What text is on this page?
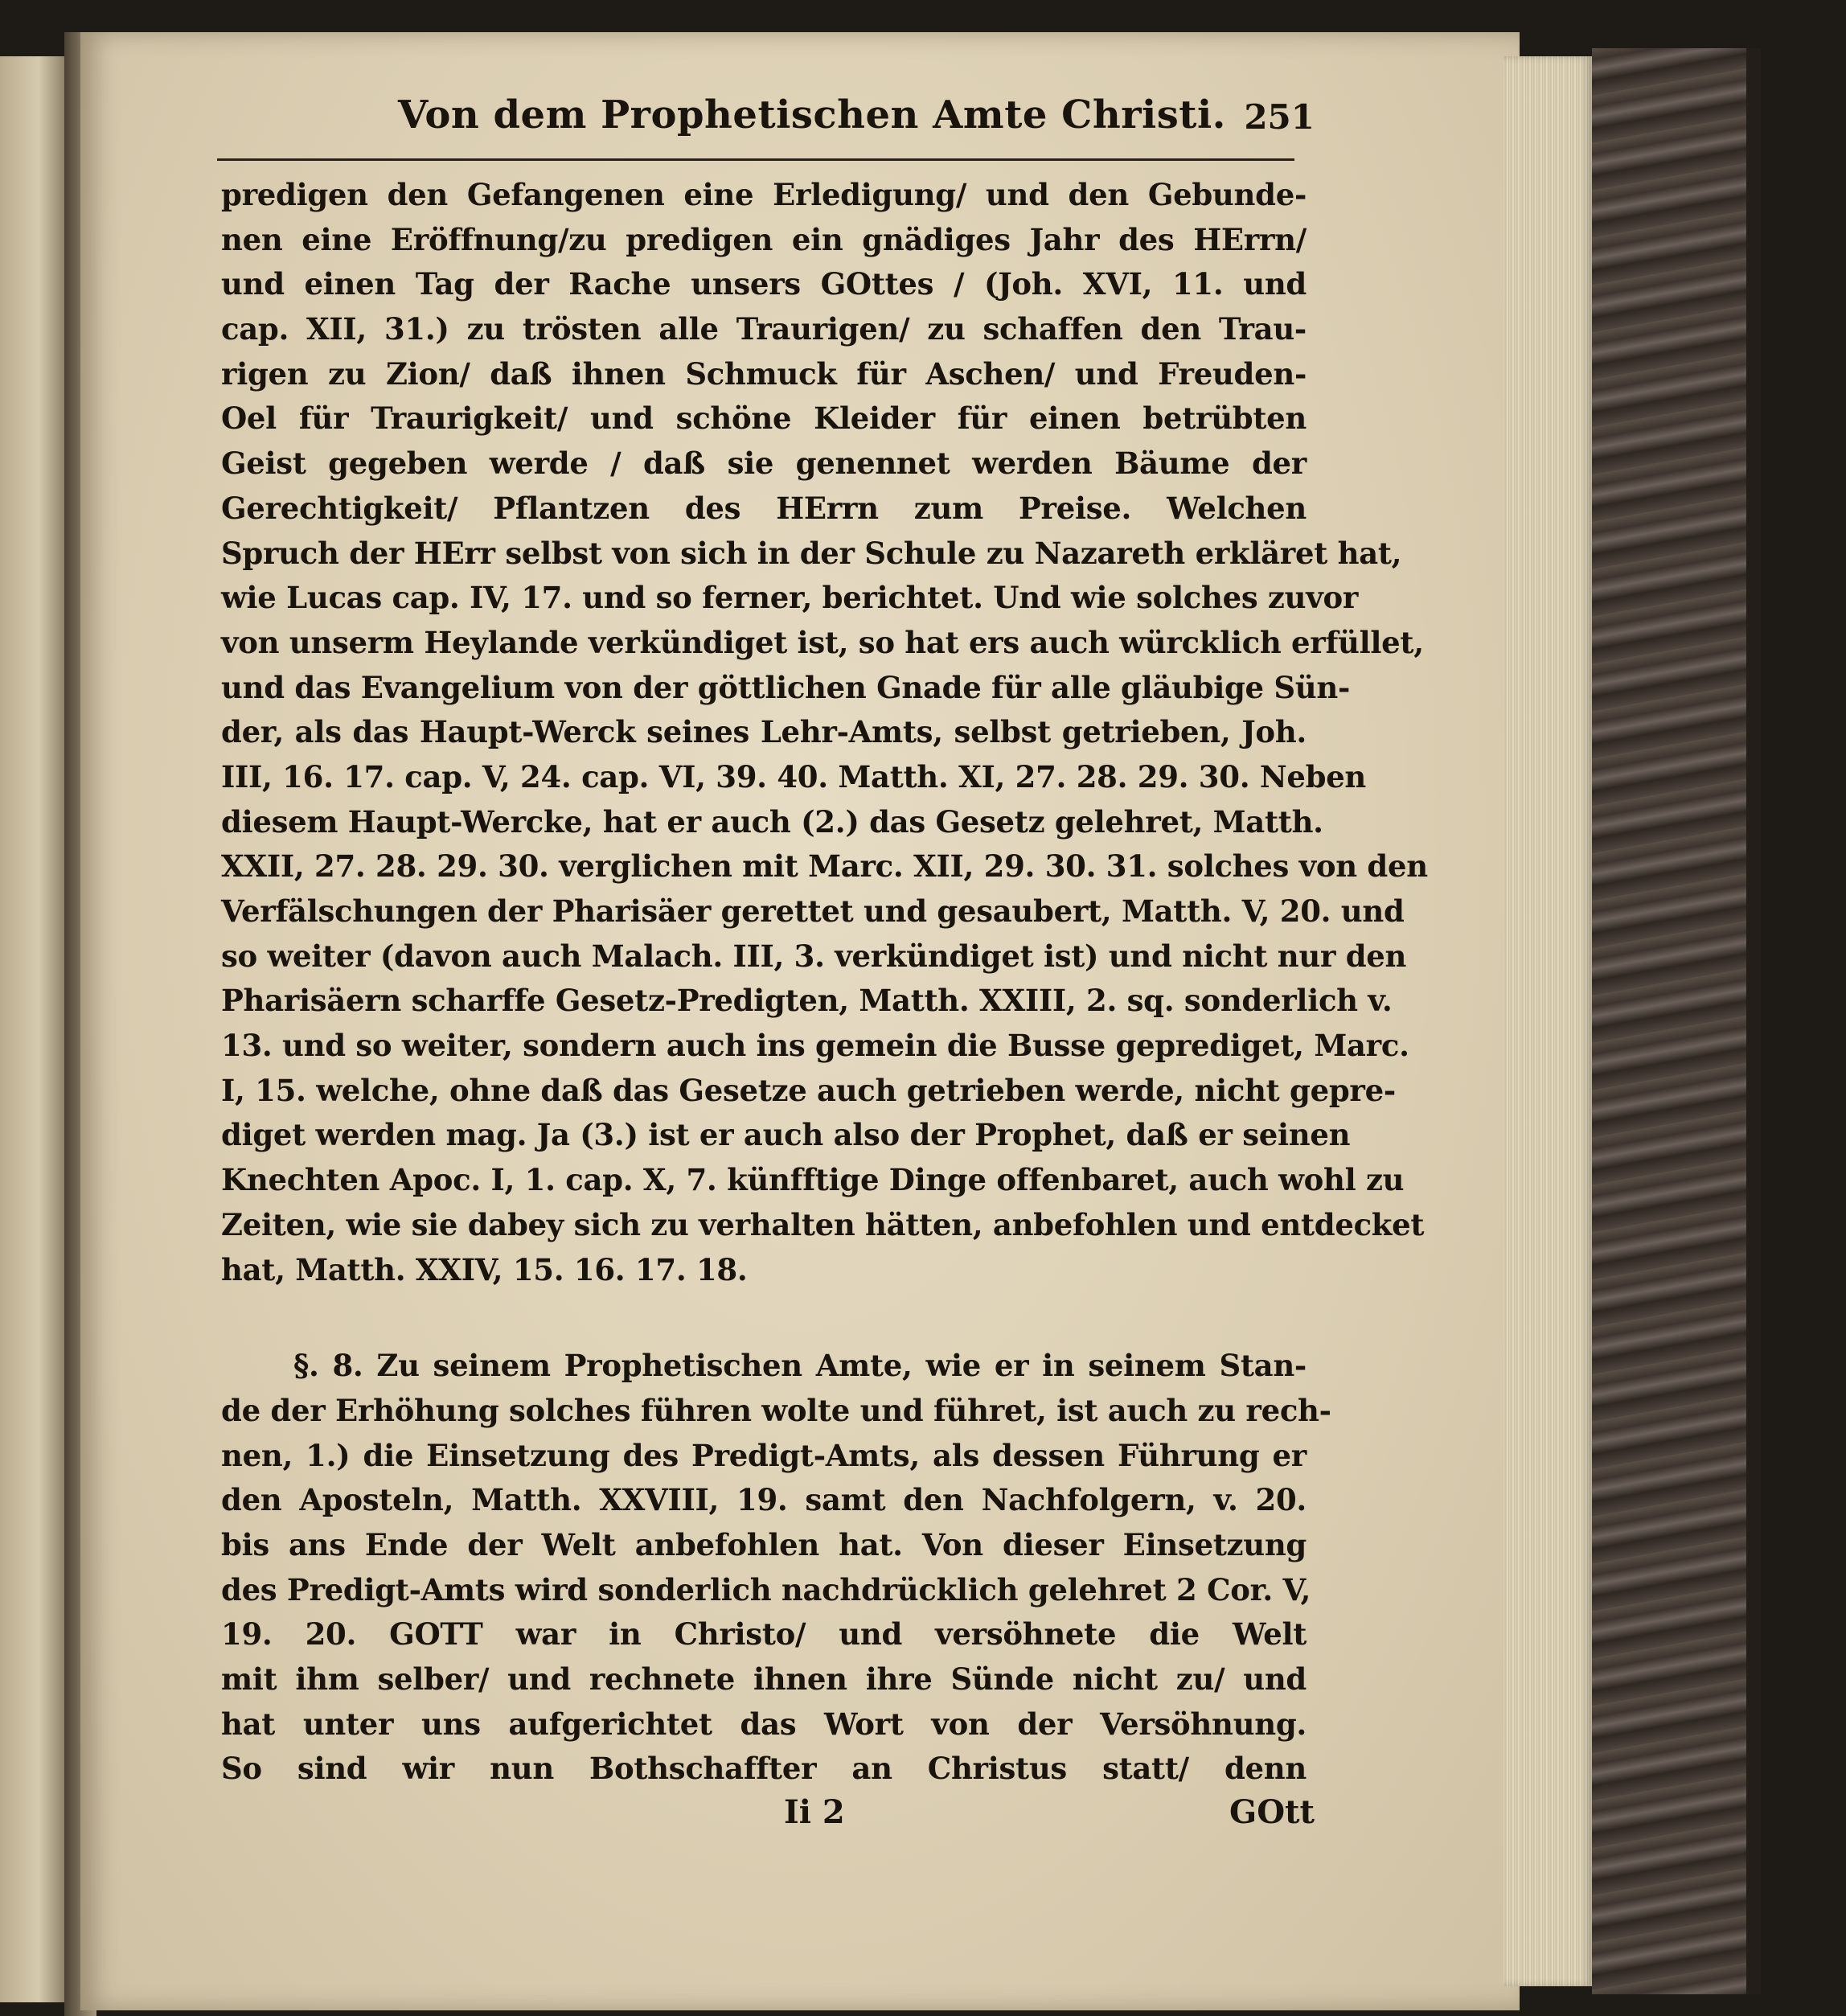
Von dem Prophetischen Amte Christi. 251
predigen den Gefangenen eine Erledigung/ und den Gebunde-
nen eine Eröffnung/zu predigen ein gnädiges Jahr des HErrn/
und einen Tag der Rache unsers GOttes / (Joh. XVI, 11. und
cap. XII, 31.) zu trösten alle Traurigen/ zu schaffen den Trau-
rigen zu Zion/ daß ihnen Schmuck für Aschen/ und Freuden-
Oel für Traurigkeit/ und schöne Kleider für einen betrübten
Geist gegeben werde / daß sie genennet werden Bäume der
Gerechtigkeit/ Pflantzen des HErrn zum Preise. Welchen
Spruch der HErr selbst von sich in der Schule zu Nazareth erkläret hat,
wie Lucas cap. IV, 17. und so ferner, berichtet. Und wie solches zuvor
von unserm Heylande verkündiget ist, so hat ers auch würcklich erfüllet,
und das Evangelium von der göttlichen Gnade für alle gläubige Sün-
der, als das Haupt-Werck seines Lehr-Amts, selbst getrieben, Joh.
III, 16. 17. cap. V, 24. cap. VI, 39. 40. Matth. XI, 27. 28. 29. 30. Neben
diesem Haupt-Wercke, hat er auch (2.) das Gesetz gelehret, Matth.
XXII, 27. 28. 29. 30. verglichen mit Marc. XII, 29. 30. 31. solches von den
Verfälschungen der Pharisäer gerettet und gesaubert, Matth. V, 20. und
so weiter (davon auch Malach. III, 3. verkündiget ist) und nicht nur den
Pharisäern scharffe Gesetz-Predigten, Matth. XXIII, 2. sq. sonderlich v.
13. und so weiter, sondern auch ins gemein die Busse geprediget, Marc.
I, 15. welche, ohne daß das Gesetze auch getrieben werde, nicht gepre-
diget werden mag. Ja (3.) ist er auch also der Prophet, daß er seinen
Knechten Apoc. I, 1. cap. X, 7. künfftige Dinge offenbaret, auch wohl zu
Zeiten, wie sie dabey sich zu verhalten hätten, anbefohlen und entdecket
hat, Matth. XXIV, 15. 16. 17. 18.
§. 8. Zu seinem Prophetischen Amte, wie er in seinem Stan-
de der Erhöhung solches führen wolte und führet, ist auch zu rech-
nen, 1.) die Einsetzung des Predigt-Amts, als dessen Führung er
den Aposteln, Matth. XXVIII, 19. samt den Nachfolgern, v. 20.
bis ans Ende der Welt anbefohlen hat. Von dieser Einsetzung
des Predigt-Amts wird sonderlich nachdrücklich gelehret 2 Cor. V,
19. 20. GOTT war in Christo/ und versöhnete die Welt
mit ihm selber/ und rechnete ihnen ihre Sünde nicht zu/ und
hat unter uns aufgerichtet das Wort von der Versöhnung.
So sind wir nun Bothschaffter an Christus statt/ denn
Ii 2	GOtt
